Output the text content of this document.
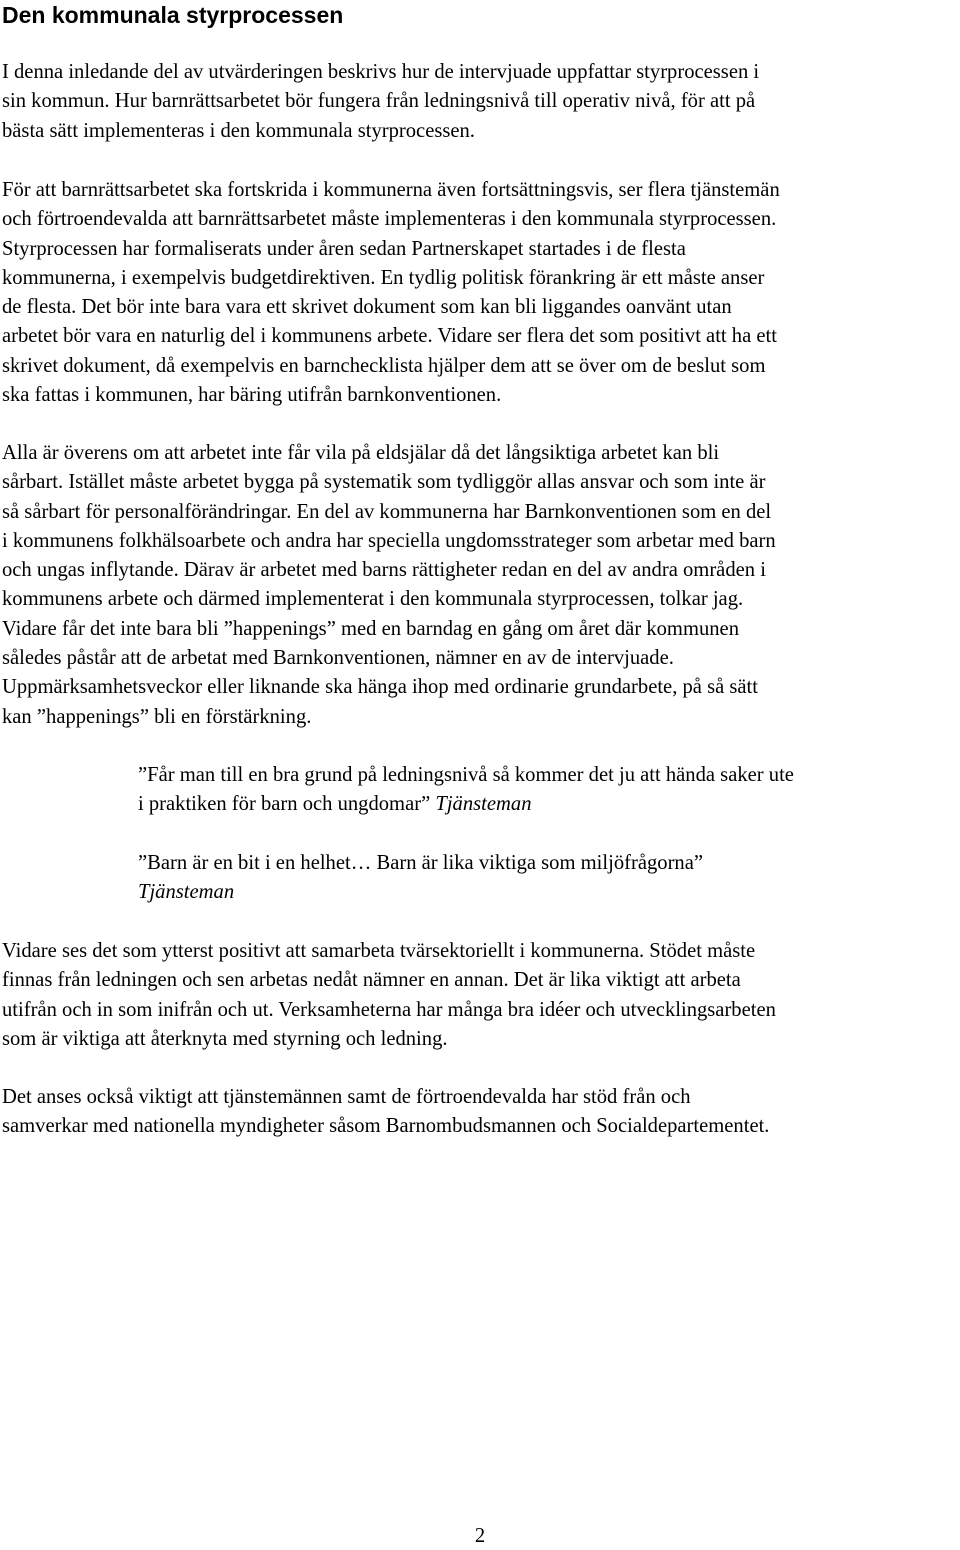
Den kommunala styrprocessen

I denna inledande del av utvärderingen beskrivs hur de intervjuade uppfattar styrprocessen i
sin kommun. Hur barnrättsarbetet bör fungera från ledningsnivå till operativ nivå, för att på
bästa sätt implementeras i den kommunala styrprocessen.

För att barnrättsarbetet ska fortskrida i kommunerna även fortsättningsvis, ser flera tjänstemän
och förtroendevalda att barnrättsarbetet måste implementeras i den kommunala styrprocessen.
Styrprocessen har formaliserats under åren sedan Partnerskapet startades i de flesta
kommunerna, i exempelvis budgetdirektiven. En tydlig politisk förankring är ett måste anser
de flesta. Det bör inte bara vara ett skrivet dokument som kan bli liggandes oanvänt utan
arbetet bör vara en naturlig del i kommunens arbete. Vidare ser flera det som positivt att ha ett
skrivet dokument, då exempelvis en barnchecklista hjälper dem att se över om de beslut som
ska fattas i kommunen, har bäring utifrån barnkonventionen.

Alla är överens om att arbetet inte får vila på eldsjälar då det långsiktiga arbetet kan bli
sårbart. Istället måste arbetet bygga på systematik som tydliggör allas ansvar och som inte är
så sårbart för personalförändringar. En del av kommunerna har Barnkonventionen som en del
i kommunens folkhälsoarbete och andra har speciella ungdomsstrateger som arbetar med barn
och ungas inflytande. Därav är arbetet med barns rättigheter redan en del av andra områden i
kommunens arbete och därmed implementerat i den kommunala styrprocessen, tolkar jag.
Vidare får det inte bara bli ”happenings” med en barndag en gång om året där kommunen
således påstår att de arbetat med Barnkonventionen, nämner en av de intervjuade.
Uppmärksamhetsveckor eller liknande ska hänga ihop med ordinarie grundarbete, på så sätt
kan ”happenings” bli en förstärkning.

”Får man till en bra grund på ledningsnivå så kommer det ju att hända saker ute
i praktiken för barn och ungdomar” Tjänsteman

”Barn är en bit i en helhet… Barn är lika viktiga som miljöfrågorna”
Tjänsteman

Vidare ses det som ytterst positivt att samarbeta tvärsektoriellt i kommunerna. Stödet måste
finnas från ledningen och sen arbetas nedåt nämner en annan. Det är lika viktigt att arbeta
utifrån och in som inifrån och ut. Verksamheterna har många bra idéer och utvecklingsarbeten
som är viktiga att återknyta med styrning och ledning.

Det anses också viktigt att tjänstemännen samt de förtroendevalda har stöd från och
samverkar med nationella myndigheter såsom Barnombudsmannen och Socialdepartementet.

2
